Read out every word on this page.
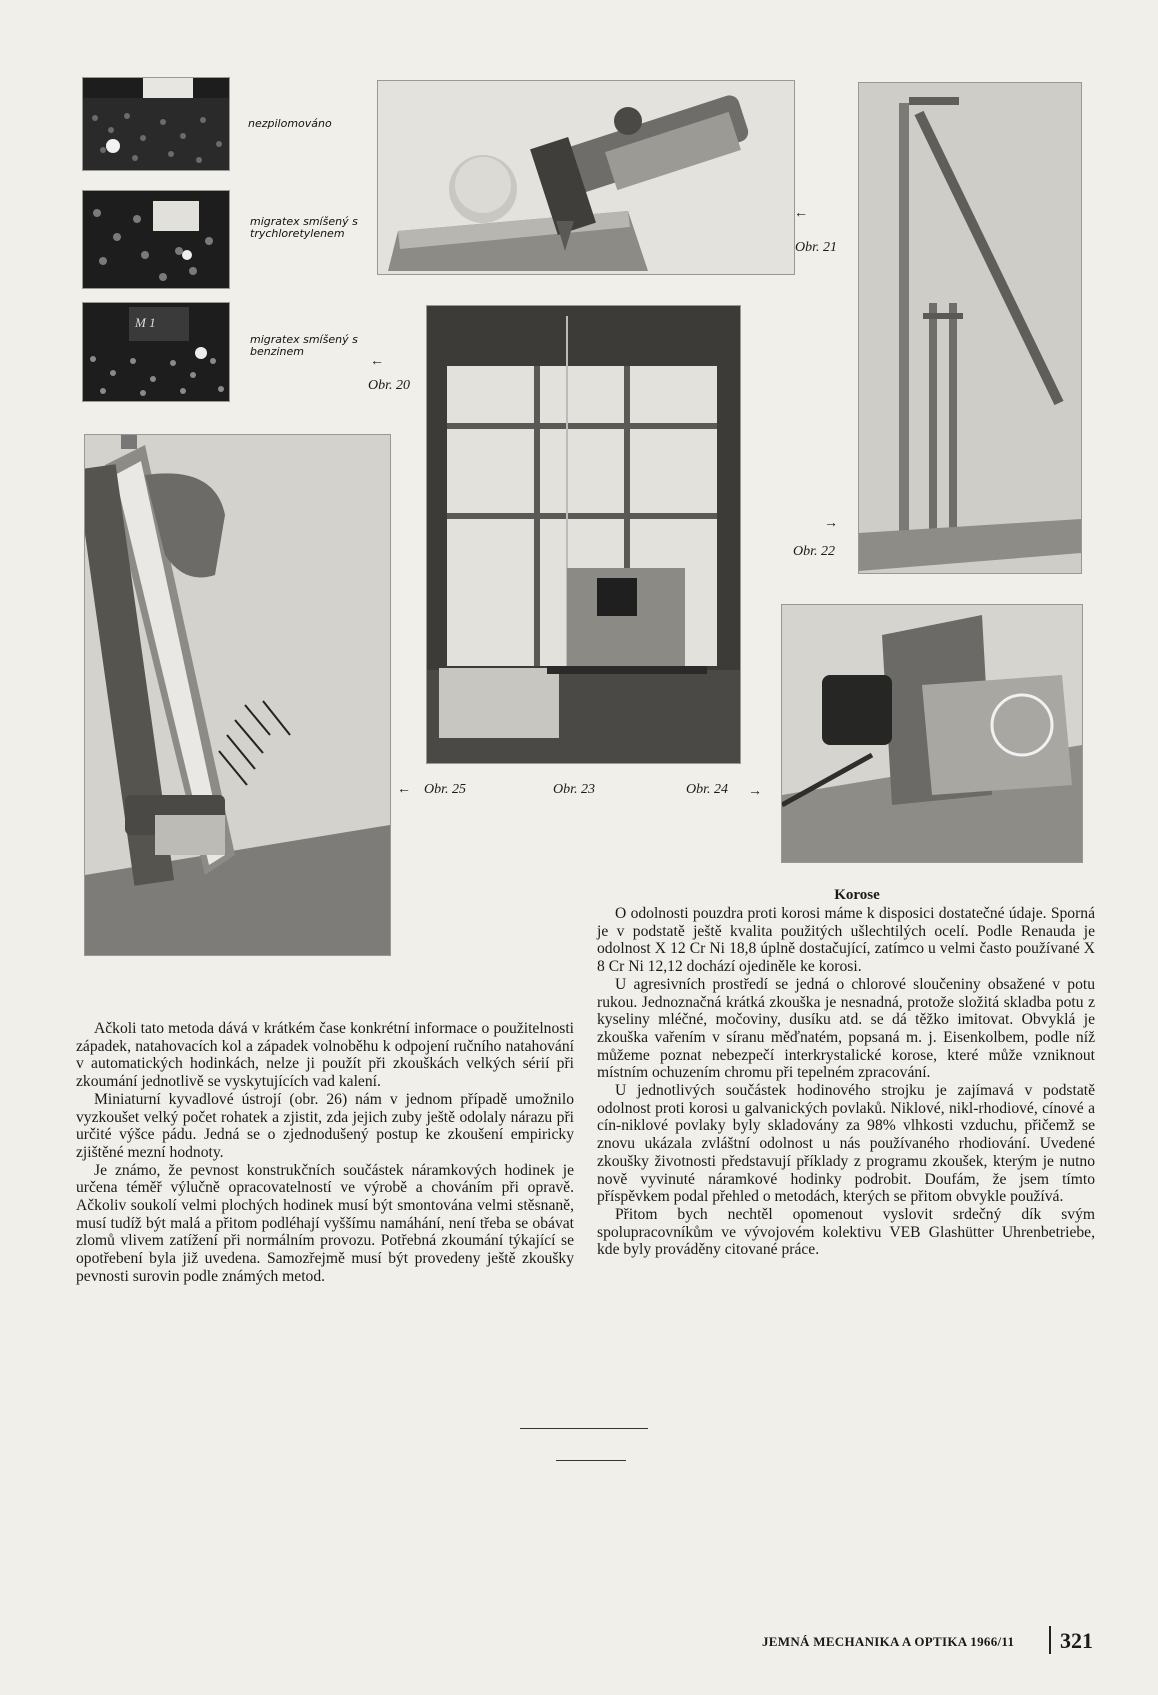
nezpilomováno
migratex smíšený s trychloretylenem
M 1
migratex smíšený s benzinem
←
Obr. 20
←
Obr. 21
→
Obr. 22
← Obr. 25	Obr. 23	Obr. 24 →
Korose

O odolnosti pouzdra proti korosi máme k disposici dostatečné údaje. Sporná je v podstatě ještě kvalita použitých ušlechtilých ocelí. Podle Renauda je odolnost X 12 Cr Ni 18,8 úplně dostačující, zatímco u velmi často používané X 8 Cr Ni 12,12 dochází ojediněle ke korosi.

U agresivních prostředí se jedná o chlorové sloučeniny obsažené v potu rukou. Jednoznačná krátká zkouška je nesnadná, protože složitá skladba potu z kyseliny mléčné, močoviny, dusíku atd. se dá těžko imitovat. Obvyklá je zkouška vařením v síranu měďnatém, popsaná m. j. Eisenkolbem, podle níž můžeme poznat nebezpečí interkrystalické korose, které může vzniknout místním ochuzením chromu při tepelném zpracování.

U jednotlivých součástek hodinového strojku je zajímavá v podstatě odolnost proti korosi u galvanických povlaků. Niklové, nikl-rhodiové, cínové a cín-niklové povlaky byly skladovány za 98% vlhkosti vzduchu, přičemž se znovu ukázala zvláštní odolnost u nás používaného rhodiování. Uvedené zkoušky životnosti představují příklady z programu zkoušek, kterým je nutno nově vyvinuté náramkové hodinky podrobit. Doufám, že jsem tímto příspěvkem podal přehled o metodách, kterých se přitom obvykle používá.

Přitom bych nechtěl opomenout vyslovit srdečný dík svým spolupracovníkům ve vývojovém kolektivu VEB Glashütter Uhrenbetriebe, kde byly prováděny citované práce.

Ačkoli tato metoda dává v krátkém čase konkrétní informace o použitelnosti západek, natahovacích kol a západek volnoběhu k odpojení ručního natahování v automatických hodinkách, nelze ji použít při zkouškách velkých sérií při zkoumání jednotlivě se vyskytujících vad kalení.

Miniaturní kyvadlové ústrojí (obr. 26) nám v jednom případě umožnilo vyzkoušet velký počet rohatek a zjistit, zda jejich zuby ještě odolaly nárazu při určité výšce pádu. Jedná se o zjednodušený postup ke zkoušení empiricky zjištěné mezní hodnoty.

Je známo, že pevnost konstrukčních součástek náramkových hodinek je určena téměř výlučně opracovatelností ve výrobě a chováním při opravě. Ačkoliv soukolí velmi plochých hodinek musí být smontována velmi stěsnaně, musí tudíž být malá a přitom podléhají vyššímu namáhání, není třeba se obávat zlomů vlivem zatížení při normálním provozu. Potřebná zkoumání týkající se opotřebení byla již uvedena. Samozřejmě musí být provedeny ještě zkoušky pevnosti surovin podle známých metod.

JEMNÁ MECHANIKA A OPTIKA 1966/11 321
